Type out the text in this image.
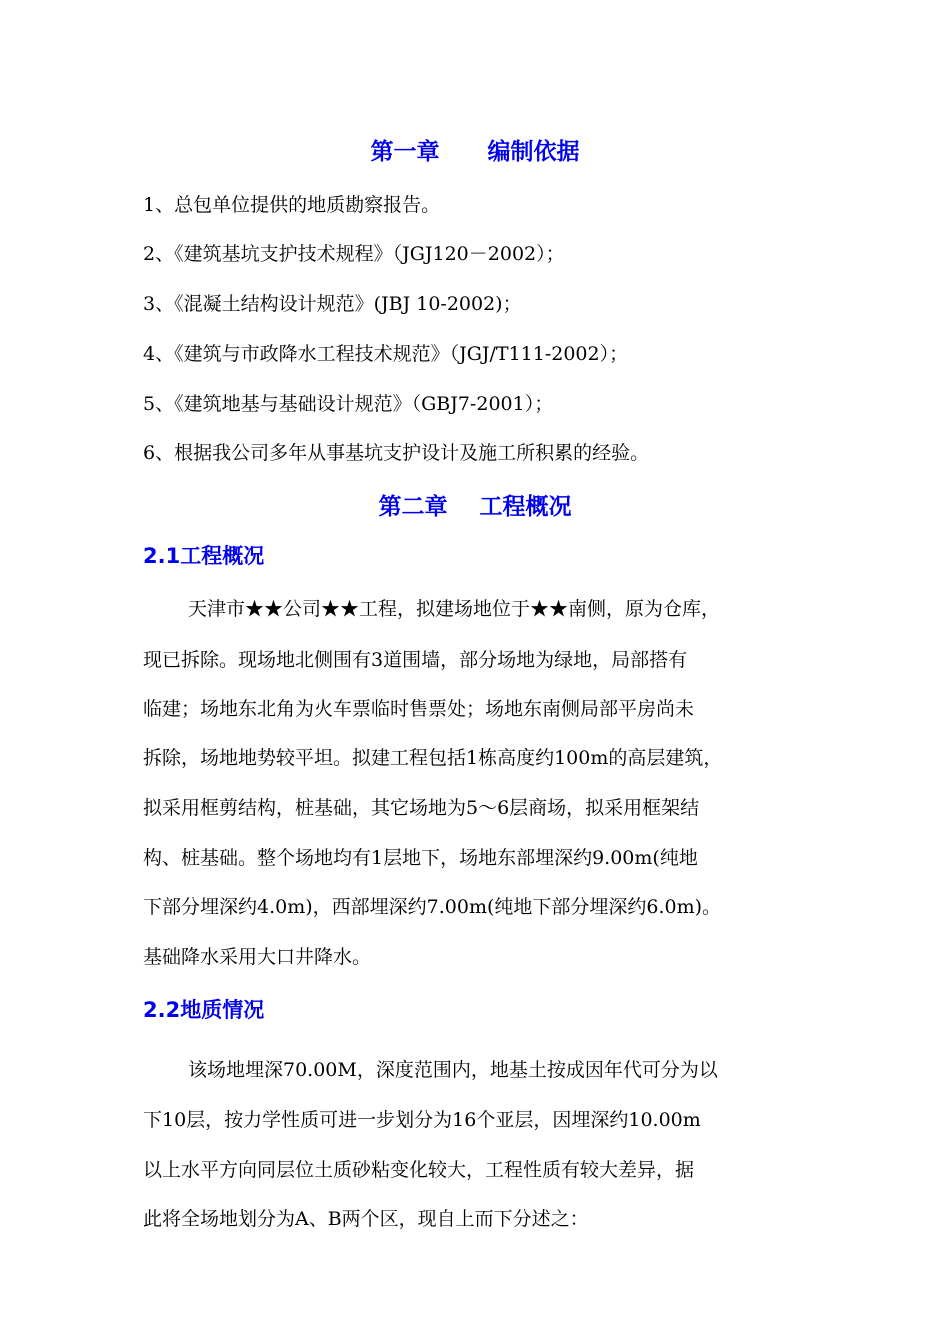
第一章      编制依据
1、总包单位提供的地质勘察报告。
2、《建筑基坑支护技术规程》（JGJ120－2002）；
3、《混凝土结构设计规范》(JBJ 10-2002)；
4、《建筑与市政降水工程技术规范》（JGJ/T111-2002）；
5、《建筑地基与基础设计规范》（GBJ7-2001）；
6、根据我公司多年从事基坑支护设计及施工所积累的经验。
第二章    工程概况
2.1工程概况
天津市★★公司★★工程，拟建场地位于★★南侧，原为仓库，
现已拆除。现场地北侧围有3道围墙，部分场地为绿地，局部搭有
临建；场地东北角为火车票临时售票处；场地东南侧局部平房尚未
拆除，场地地势较平坦。拟建工程包括1栋高度约100m的高层建筑，
拟采用框剪结构，桩基础，其它场地为5～6层商场，拟采用框架结
构、桩基础。整个场地均有1层地下，场地东部埋深约9.00m(纯地
下部分埋深约4.0m)，西部埋深约7.00m(纯地下部分埋深约6.0m)。
基础降水采用大口井降水。
2.2地质情况
该场地埋深70.00M，深度范围内，地基土按成因年代可分为以
下10层，按力学性质可进一步划分为16个亚层，因埋深约10.00m
以上水平方向同层位土质砂粘变化较大，工程性质有较大差异，据
此将全场地划分为A、B两个区，现自上而下分述之：
